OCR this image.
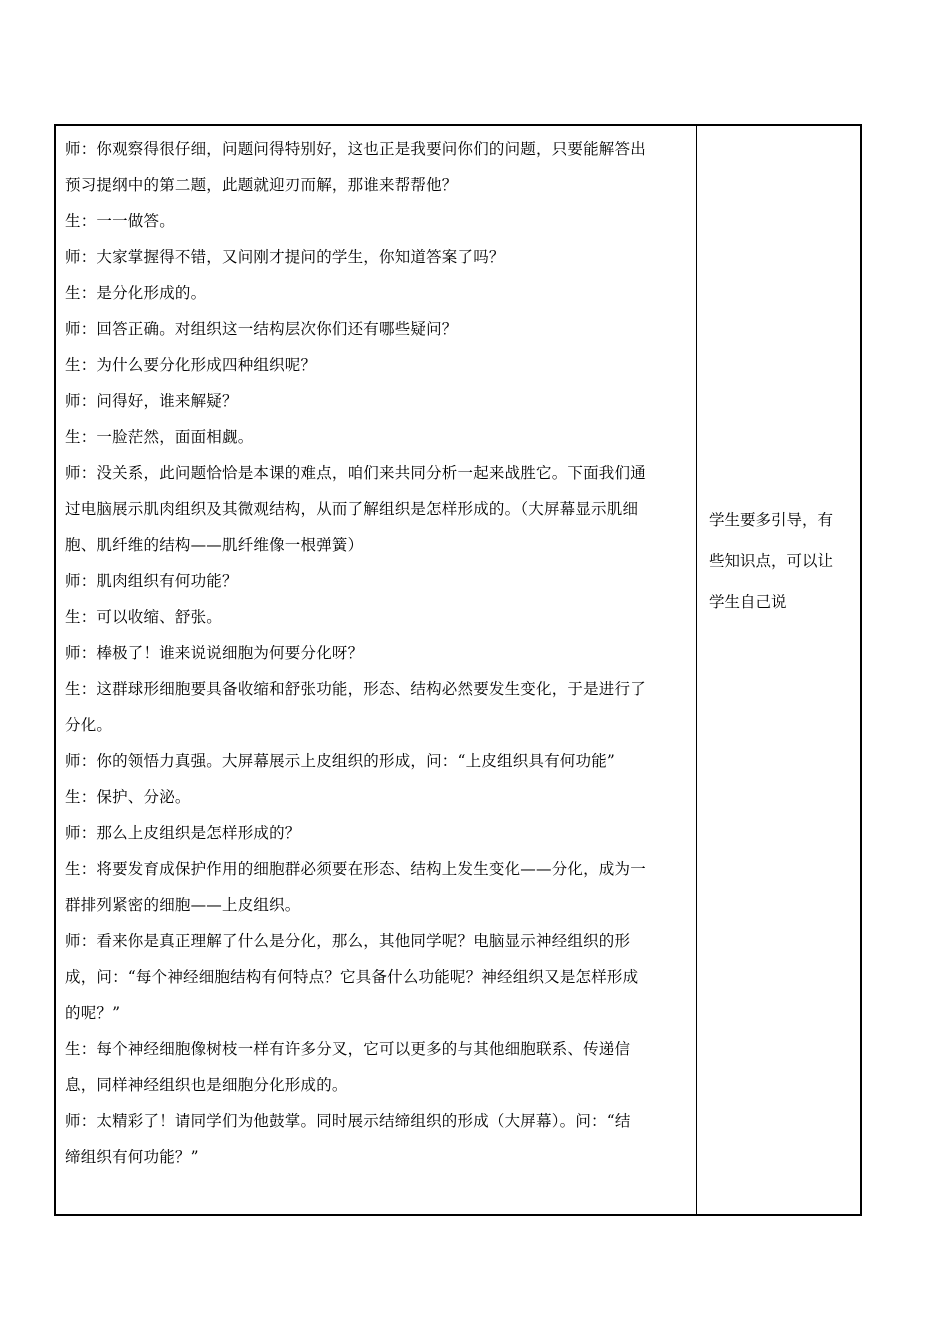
师：你观察得很仔细，问题问得特别好，这也正是我要问你们的问题，只要能解答出
预习提纲中的第二题，此题就迎刃而解，那谁来帮帮他？
生：一一做答。
师：大家掌握得不错，又问刚才提问的学生，你知道答案了吗？
生：是分化形成的。
师：回答正确。对组织这一结构层次你们还有哪些疑问？
生：为什么要分化形成四种组织呢？
师：问得好，谁来解疑？
生：一脸茫然，面面相觑。
师：没关系，此问题恰恰是本课的难点，咱们来共同分析一起来战胜它。下面我们通
过电脑展示肌肉组织及其微观结构，从而了解组织是怎样形成的。（大屏幕显示肌细
胞、肌纤维的结构——肌纤维像一根弹簧）
师：肌肉组织有何功能？
生：可以收缩、舒张。
师：棒极了！谁来说说细胞为何要分化呀？
生：这群球形细胞要具备收缩和舒张功能，形态、结构必然要发生变化，于是进行了
分化。
师：你的领悟力真强。大屏幕展示上皮组织的形成，问：“上皮组织具有何功能”
生：保护、分泌。
师：那么上皮组织是怎样形成的？
生：将要发育成保护作用的细胞群必须要在形态、结构上发生变化——分化，成为一
群排列紧密的细胞——上皮组织。
师：看来你是真正理解了什么是分化，那么，其他同学呢？电脑显示神经组织的形
成，问：“每个神经细胞结构有何特点？它具备什么功能呢？神经组织又是怎样形成
的呢？”
生：每个神经细胞像树枝一样有许多分叉，它可以更多的与其他细胞联系、传递信
息，同样神经组织也是细胞分化形成的。
师：太精彩了！请同学们为他鼓掌。同时展示结缔组织的形成（大屏幕）。问：“结
缔组织有何功能？”
学生要多引导，有
些知识点，可以让
学生自己说
